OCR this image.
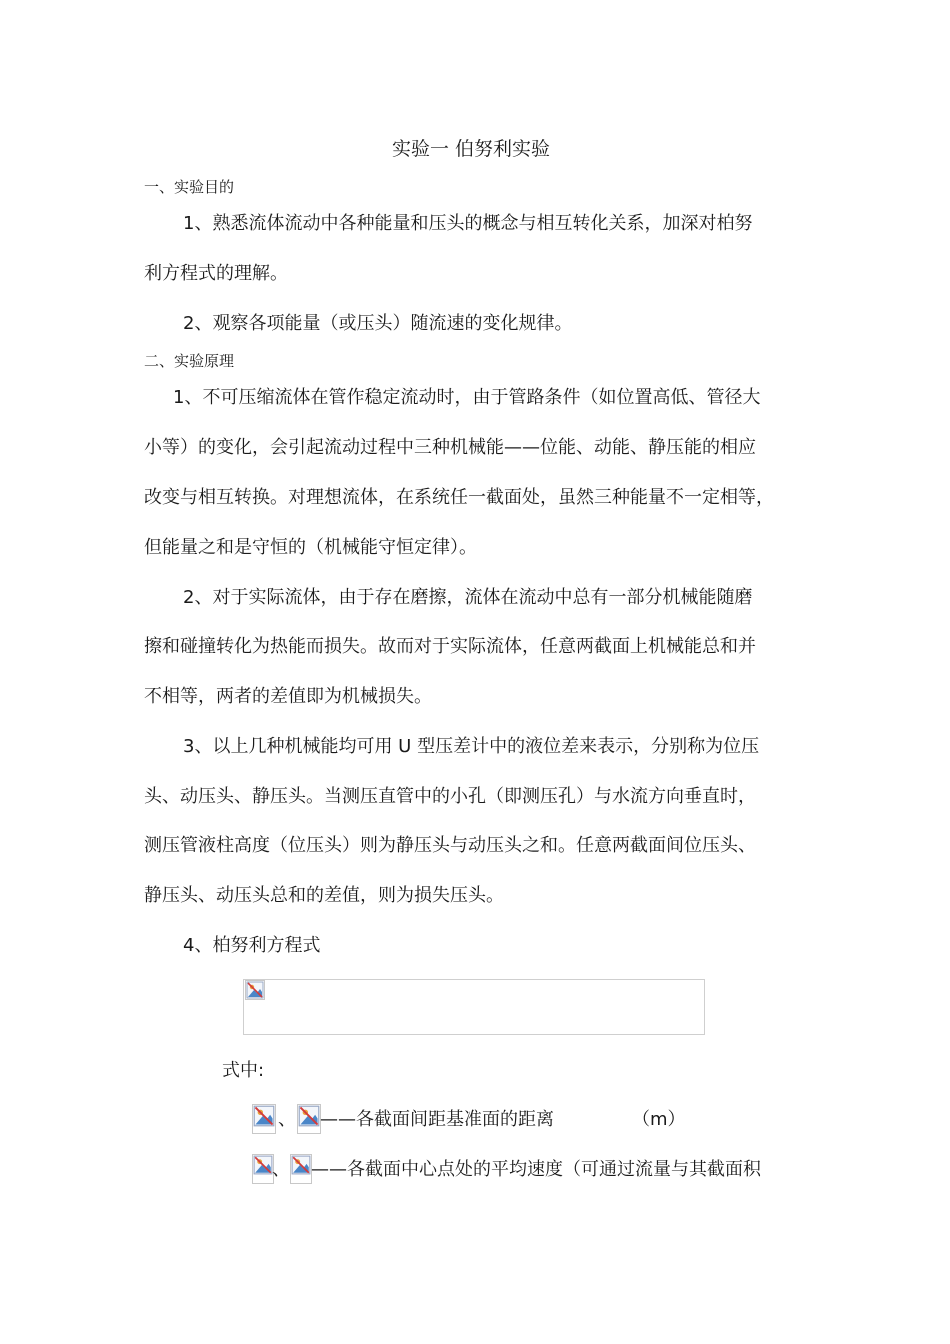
实验一 伯努利实验
一、实验目的
1、熟悉流体流动中各种能量和压头的概念与相互转化关系，加深对柏努
利方程式的理解。
2、观察各项能量（或压头）随流速的变化规律。
二、实验原理
1、不可压缩流体在管作稳定流动时，由于管路条件（如位置高低、管径大
小等）的变化，会引起流动过程中三种机械能——位能、动能、静压能的相应
改变与相互转换。对理想流体，在系统任一截面处，虽然三种能量不一定相等，
但能量之和是守恒的（机械能守恒定律）。
2、对于实际流体，由于存在磨擦，流体在流动中总有一部分机械能随磨
擦和碰撞转化为热能而损失。故而对于实际流体，任意两截面上机械能总和并
不相等，两者的差值即为机械损失。
3、以上几种机械能均可用 U 型压差计中的液位差来表示，分别称为位压
头、动压头、静压头。当测压直管中的小孔（即测压孔）与水流方向垂直时，
测压管液柱高度（位压头）则为静压头与动压头之和。任意两截面间位压头、
静压头、动压头总和的差值，则为损失压头。
4、柏努利方程式
式中:
、 ——各截面间距基准面的距离	（m）
、 ——各截面中心点处的平均速度（可通过流量与其截面积
